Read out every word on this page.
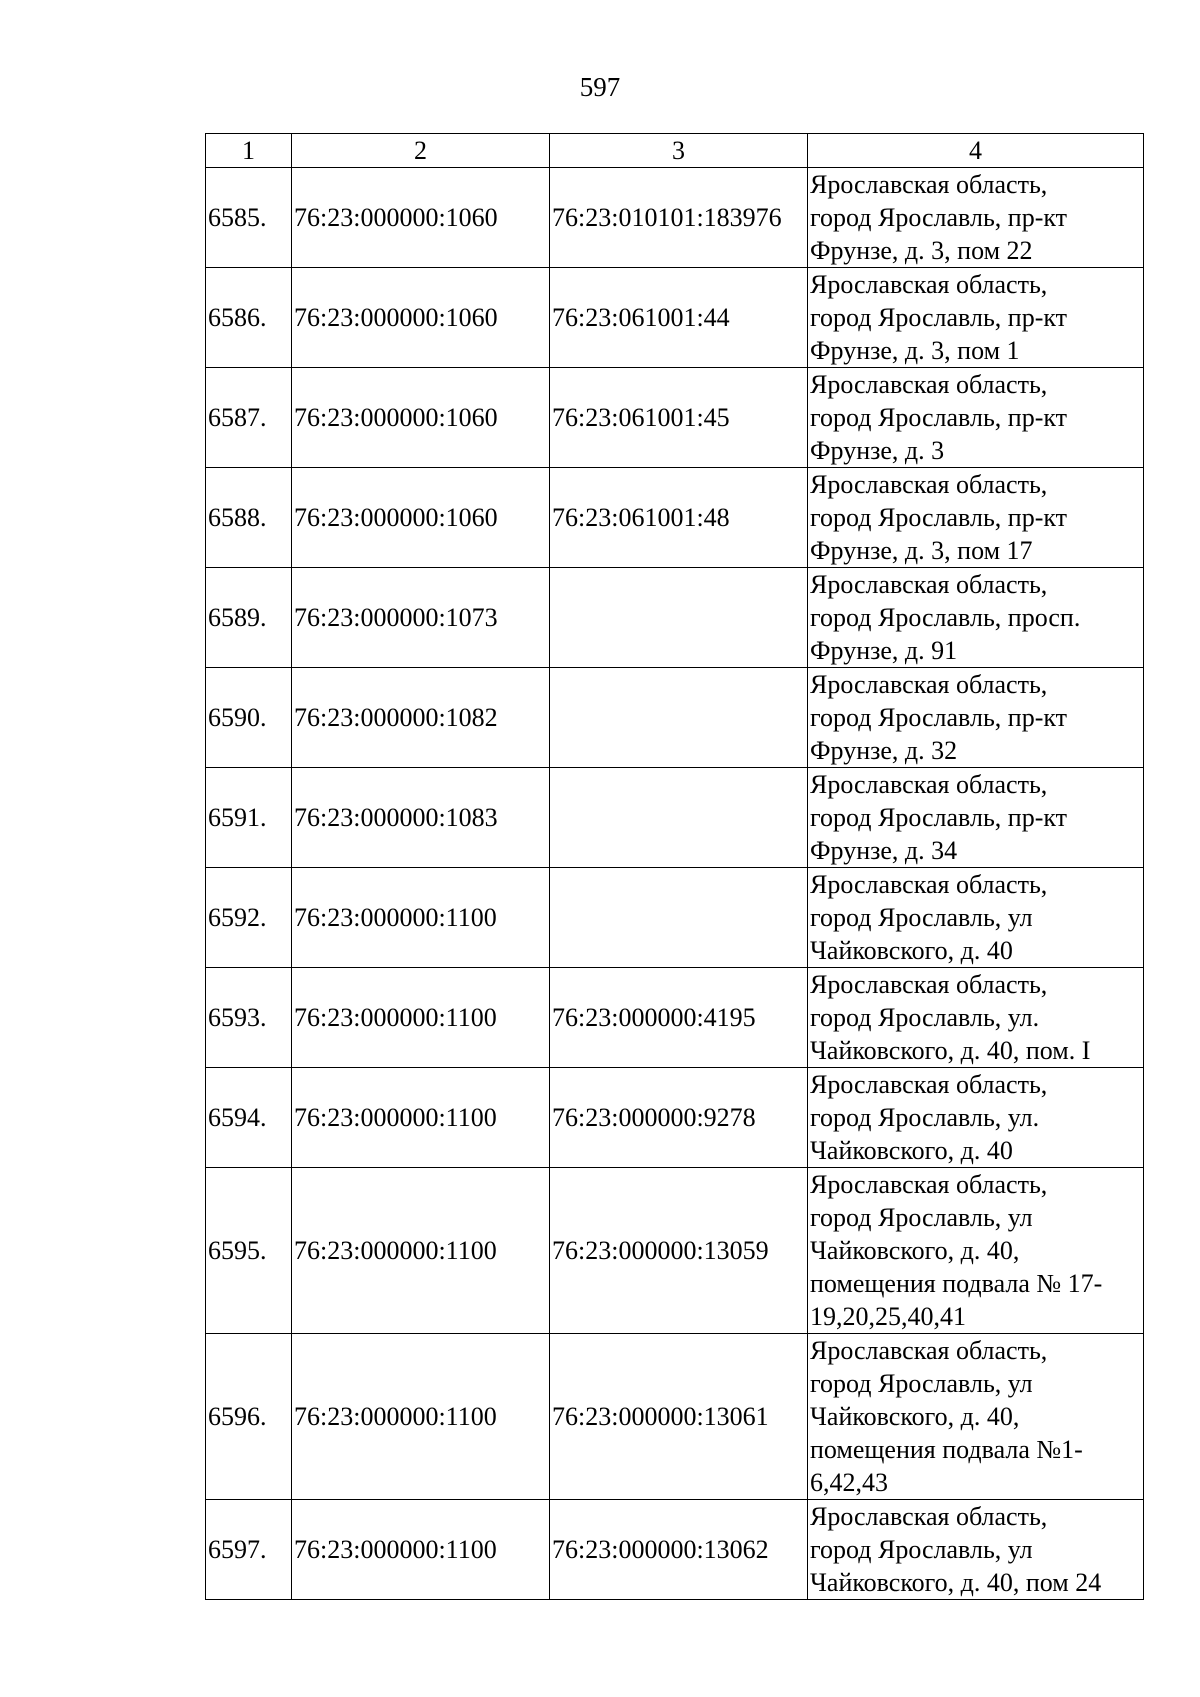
597
1	2	3	4
6585.	76:23:000000:1060	76:23:010101:183976	Ярославская область,
город Ярославль, пр-кт
Фрунзе, д. 3, пом 22
6586.	76:23:000000:1060	76:23:061001:44	Ярославская область,
город Ярославль, пр-кт
Фрунзе, д. 3, пом 1
6587.	76:23:000000:1060	76:23:061001:45	Ярославская область,
город Ярославль, пр-кт
Фрунзе, д. 3
6588.	76:23:000000:1060	76:23:061001:48	Ярославская область,
город Ярославль, пр-кт
Фрунзе, д. 3, пом 17
6589.	76:23:000000:1073		Ярославская область,
город Ярославль, просп.
Фрунзе, д. 91
6590.	76:23:000000:1082		Ярославская область,
город Ярославль, пр-кт
Фрунзе, д. 32
6591.	76:23:000000:1083		Ярославская область,
город Ярославль, пр-кт
Фрунзе, д. 34
6592.	76:23:000000:1100		Ярославская область,
город Ярославль, ул
Чайковского, д. 40
6593.	76:23:000000:1100	76:23:000000:4195	Ярославская область,
город Ярославль, ул.
Чайковского, д. 40, пом. I
6594.	76:23:000000:1100	76:23:000000:9278	Ярославская область,
город Ярославль, ул.
Чайковского, д. 40
6595.	76:23:000000:1100	76:23:000000:13059	Ярославская область,
город Ярославль, ул
Чайковского, д. 40,
помещения подвала № 17-
19,20,25,40,41
6596.	76:23:000000:1100	76:23:000000:13061	Ярославская область,
город Ярославль, ул
Чайковского, д. 40,
помещения подвала №1-
6,42,43
6597.	76:23:000000:1100	76:23:000000:13062	Ярославская область,
город Ярославль, ул
Чайковского, д. 40, пом 24
